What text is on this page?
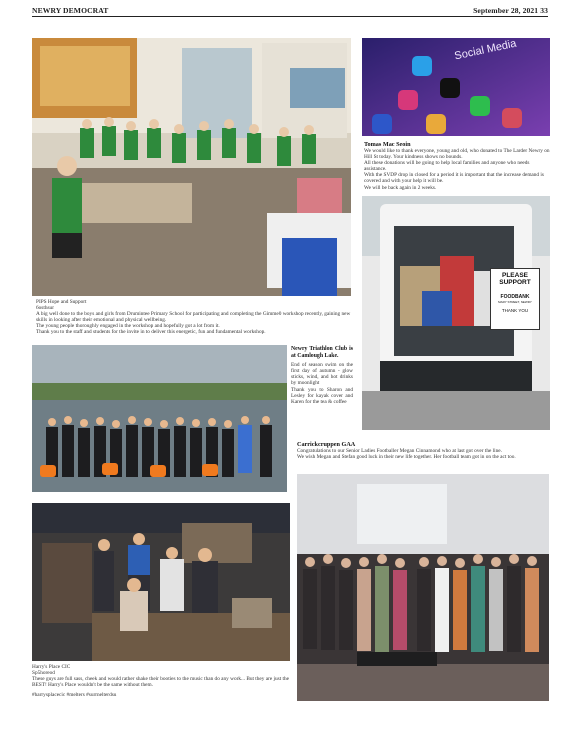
NEWRY DEMOCRAT	September 28, 2021 33
Social Media

Tomas Mac Seoin

We would like to thank everyone, young and old, who donated to The Larder Newry on Hill St today. Your kindness shows no bounds.

All these donations will be going to help local families and anyone who needs assistance.

With the SVDP drop in closed for a period it is important that the increase demand is covered and with your help it will be.

We will be back again in 2 weeks.

PLEASE
SUPPORT
FOODBANK
MARY STREET, NEWRY
THANK YOU

PIPS Hope and Support

6osthsur

A big well done to the boys and girls from Drumintee Primary School for participating and completing the Gimme0 workshop recently, gaining new skills in looking after their emotional and physical wellbeing.

The young people thoroughly engaged in the workshop and hopefully got a lot from it.

Thank you to the staff and students for the invite in to deliver this energetic, fun and fundamental workshop.

Newry Triathlon Club is at Camlough Lake.

End of season swim on the first day of autumn - glow sticks, wind, and hot drinks by moonlight

Thank you to Sharon and Lesley for kayak cover and Karen for the tea & coffee

Carrickcruppen GAA

Congratulations to our Senior Ladies Footballer Megan Cinnamond who at last got over the line.

We wish Megan and Stefan good luck in their new life together. Her football team got in on the act too.

Harry's Place CIC

Sp5horeod

These guys are full sass, cheek and would rather shake their booties to the music than do any work... But they are just the BEST! Harry's Place wouldn't be the same without them.

#harrysplacecic #melters #surrnelterdsu
